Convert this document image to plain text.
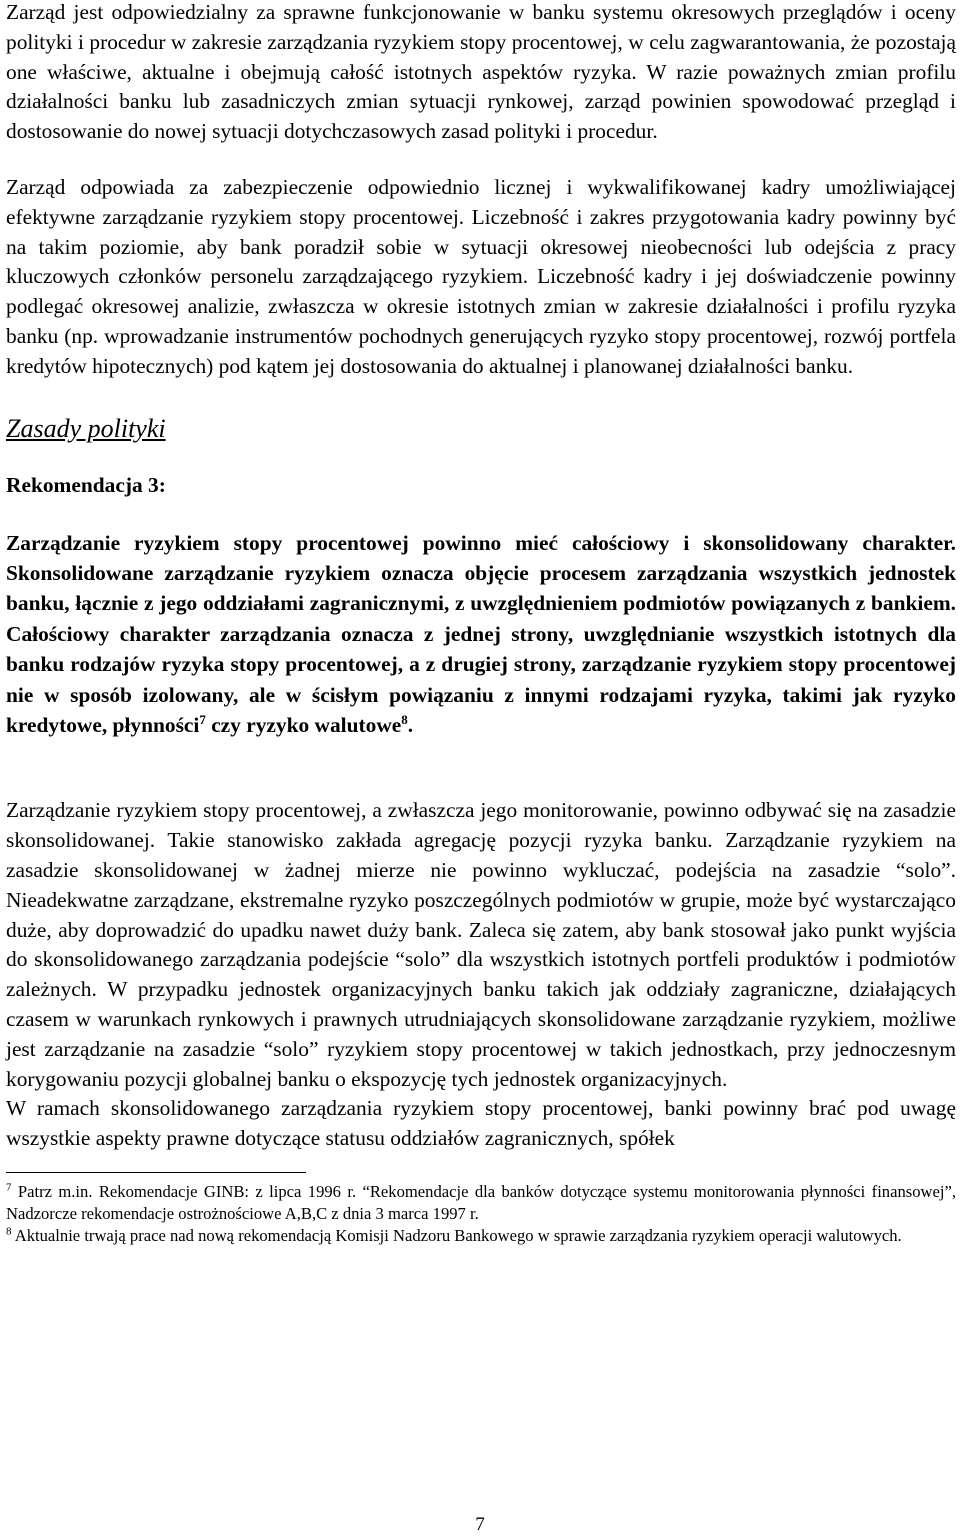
Zarząd jest odpowiedzialny za sprawne funkcjonowanie w banku systemu okresowych przeglądów i oceny polityki i procedur w zakresie zarządzania ryzykiem stopy procentowej, w celu zagwarantowania, że pozostają one właściwe, aktualne i obejmują całość istotnych aspektów ryzyka. W razie poważnych zmian profilu działalności banku lub zasadniczych zmian sytuacji rynkowej, zarząd powinien spowodować przegląd i dostosowanie do nowej sytuacji dotychczasowych zasad polityki i procedur.

Zarząd odpowiada za zabezpieczenie odpowiednio licznej i wykwalifikowanej kadry umożliwiającej efektywne zarządzanie ryzykiem stopy procentowej. Liczebność i zakres przygotowania kadry powinny być na takim poziomie, aby bank poradził sobie w sytuacji okresowej nieobecności lub odejścia z pracy kluczowych członków personelu zarządzającego ryzykiem. Liczebność kadry i jej doświadczenie powinny podlegać okresowej analizie, zwłaszcza w okresie istotnych zmian w zakresie działalności i profilu ryzyka banku (np. wprowadzanie instrumentów pochodnych generujących ryzyko stopy procentowej, rozwój portfela kredytów hipotecznych) pod kątem jej dostosowania do aktualnej i planowanej działalności banku.

Zasady polityki

Rekomendacja 3:

Zarządzanie ryzykiem stopy procentowej powinno mieć całościowy i skonsolidowany charakter. Skonsolidowane zarządzanie ryzykiem oznacza objęcie procesem zarządzania wszystkich jednostek banku, łącznie z jego oddziałami zagranicznymi, z uwzględnieniem podmiotów powiązanych z bankiem. Całościowy charakter zarządzania oznacza z jednej strony, uwzględnianie wszystkich istotnych dla banku rodzajów ryzyka stopy procentowej, a z drugiej strony, zarządzanie ryzykiem stopy procentowej nie w sposób izolowany, ale w ścisłym powiązaniu z innymi rodzajami ryzyka, takimi jak ryzyko kredytowe, płynności$^7$ czy ryzyko walutowe$^8$.

Zarządzanie ryzykiem stopy procentowej, a zwłaszcza jego monitorowanie, powinno odbywać się na zasadzie skonsolidowanej. Takie stanowisko zakłada agregację pozycji ryzyka banku. Zarządzanie ryzykiem na zasadzie skonsolidowanej w żadnej mierze nie powinno wykluczać, podejścia na zasadzie “solo”. Nieadekwatne zarządzane, ekstremalne ryzyko poszczególnych podmiotów w grupie, może być wystarczająco duże, aby doprowadzić do upadku nawet duży bank. Zaleca się zatem, aby bank stosował jako punkt wyjścia do skonsolidowanego zarządzania podejście “solo” dla wszystkich istotnych portfeli produktów i podmiotów zależnych. W przypadku jednostek organizacyjnych banku takich jak oddziały zagraniczne, działających czasem w warunkach rynkowych i prawnych utrudniających skonsolidowane zarządzanie ryzykiem, możliwe jest zarządzanie na zasadzie “solo” ryzykiem stopy procentowej w takich jednostkach, przy jednoczesnym korygowaniu pozycji globalnej banku o ekspozycję tych jednostek organizacyjnych.

W ramach skonsolidowanego zarządzania ryzykiem stopy procentowej, banki powinny brać pod uwagę wszystkie aspekty prawne dotyczące statusu oddziałów zagranicznych, spółek

$^7$ Patrz m.in. Rekomendacje GINB: z lipca 1996 r. “Rekomendacje dla banków dotyczące systemu monitorowania płynności finansowej”, Nadzorcze rekomendacje ostrożnościowe A,B,C z dnia 3 marca 1997 r.

$^8$ Aktualnie trwają prace nad nową rekomendacją Komisji Nadzoru Bankowego w sprawie zarządzania ryzykiem operacji walutowych.

7
